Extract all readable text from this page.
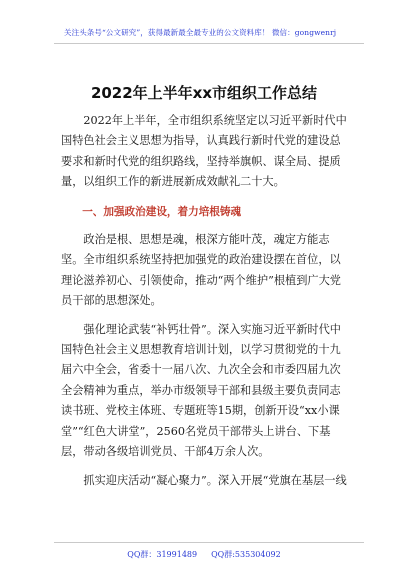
关注头条号“公文研究”，获得最新最全最专业的公文资料库！ 微信：gongwenrj
2022年上半年xx市组织工作总结

2022年上半年，全市组织系统坚定以习近平新时代中国特色社会主义思想为指导，认真践行新时代党的建设总要求和新时代党的组织路线，坚持举旗帜、谋全局、提质量，以组织工作的新进展新成效献礼二十大。

一、加强政治建设，着力培根铸魂

政治是根、思想是魂，根深方能叶茂，魂定方能志坚。全市组织系统坚持把加强党的政治建设摆在首位，以理论滋养初心、引领使命，推动“两个维护”根植到广大党员干部的思想深处。

强化理论武装“补钙壮骨”。深入实施习近平新时代中国特色社会主义思想教育培训计划，以学习贯彻党的十九届六中全会，省委十一届八次、九次全会和市委四届九次全会精神为重点，举办市级领导干部和县级主要负责同志读书班、党校主体班、专题班等15期，创新开设“xx小课堂”“红色大讲堂”，2560名党员干部带头上讲台、下基层，带动各级培训党员、干部4万余人次。

抓实迎庆活动“凝心聚力”。深入开展“党旗在基层一线

QQ群：31991489 QQ群:535304092
